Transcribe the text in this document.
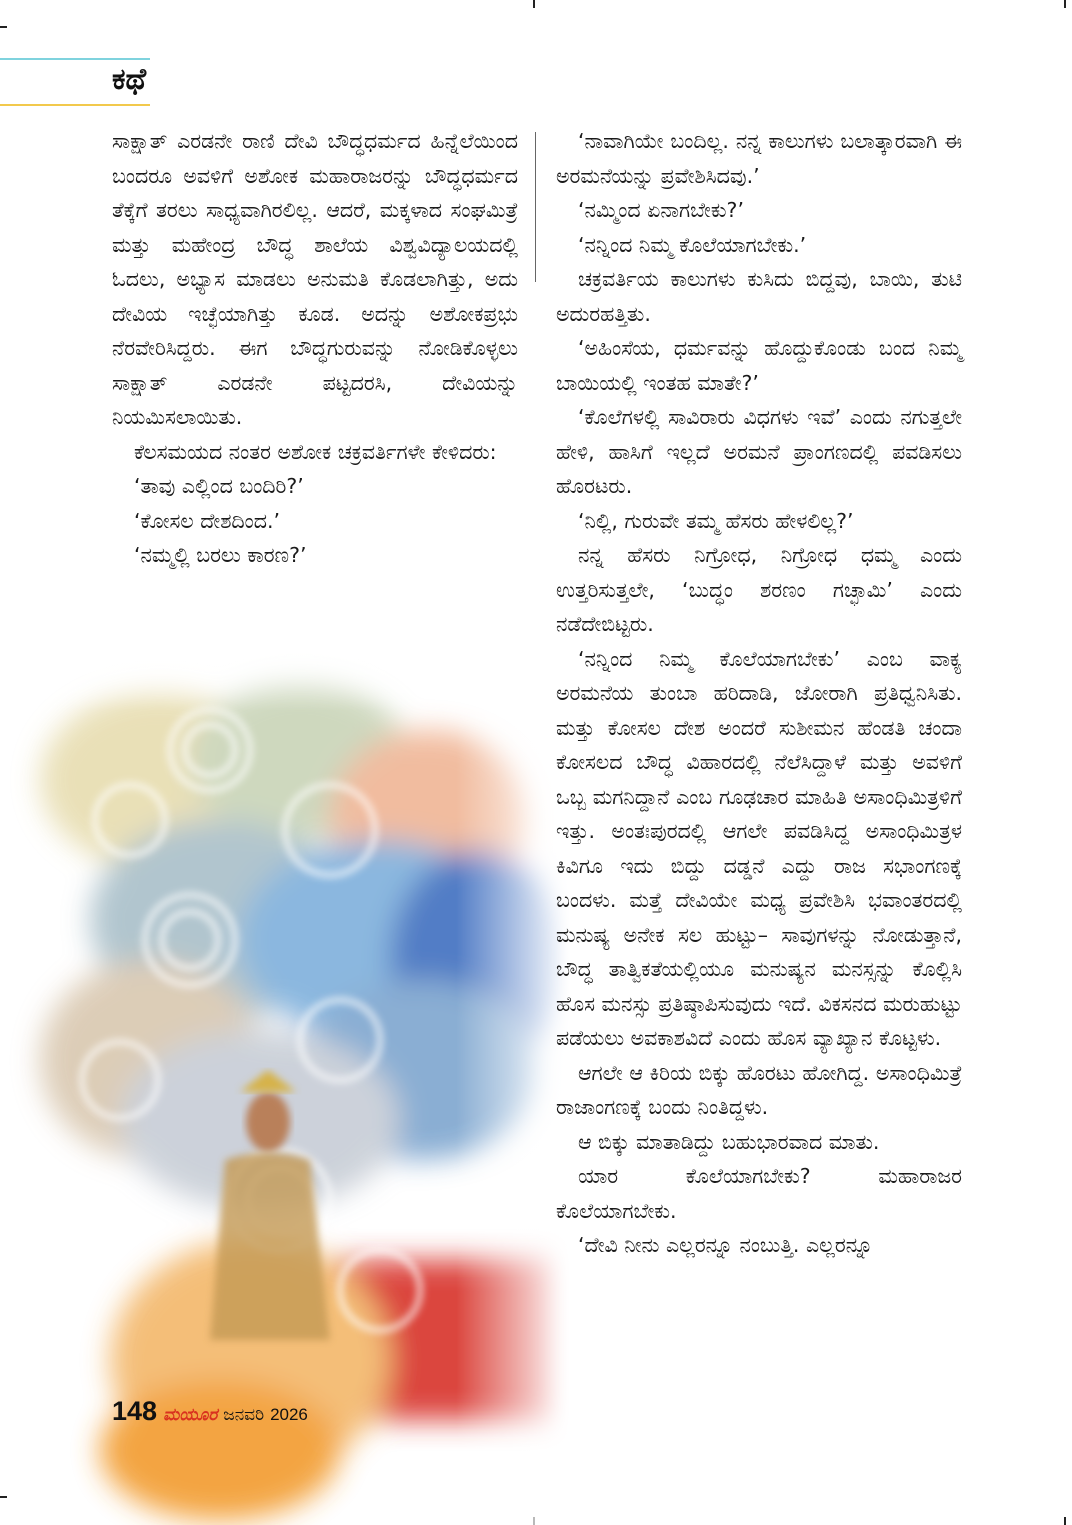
ಕಥೆ

ಸಾಕ್ಷಾತ್ ಎರಡನೇ ರಾಣಿ ದೇವಿ ಬೌದ್ಧಧರ್ಮದ ಹಿನ್ನೆಲೆಯಿಂದ ಬಂದರೂ ಅವಳಿಗೆ ಅಶೋಕ ಮಹಾರಾಜರನ್ನು ಬೌದ್ಧಧರ್ಮದ ತೆಕ್ಕೆಗೆ ತರಲು ಸಾಧ್ಯವಾಗಿರಲಿಲ್ಲ. ಆದರೆ, ಮಕ್ಕಳಾದ ಸಂಘಮಿತ್ರೆ ಮತ್ತು ಮಹೇಂದ್ರ ಬೌದ್ಧ ಶಾಲೆಯ ವಿಶ್ವವಿದ್ಯಾಲಯದಲ್ಲಿ ಓದಲು, ಅಭ್ಯಾಸ ಮಾಡಲು ಅನುಮತಿ ಕೊಡಲಾಗಿತ್ತು, ಅದು ದೇವಿಯ ಇಚ್ಛೆಯಾಗಿತ್ತು ಕೂಡ. ಅದನ್ನು ಅಶೋಕಪ್ರಭು ನೆರವೇರಿಸಿದ್ದರು. ಈಗ ಬೌದ್ಧಗುರುವನ್ನು ನೋಡಿಕೊಳ್ಳಲು ಸಾಕ್ಷಾತ್ ಎರಡನೇ ಪಟ್ಟದರಸಿ, ದೇವಿಯನ್ನು ನಿಯಮಿಸಲಾಯಿತು.

ಕೆಲಸಮಯದ ನಂತರ ಅಶೋಕ ಚಕ್ರವರ್ತಿಗಳೇ ಕೇಳಿದರು:

‘ತಾವು ಎಲ್ಲಿಂದ ಬಂದಿರಿ?’

‘ಕೋಸಲ ದೇಶದಿಂದ.’

‘ನಮ್ಮಲ್ಲಿ ಬರಲು ಕಾರಣ?’

‘ನಾವಾಗಿಯೇ ಬಂದಿಲ್ಲ. ನನ್ನ ಕಾಲುಗಳು ಬಲಾತ್ಕಾರವಾಗಿ ಈ ಅರಮನೆಯನ್ನು ಪ್ರವೇಶಿಸಿದವು.’

‘ನಮ್ಮಿಂದ ಏನಾಗಬೇಕು?’

‘ನನ್ನಿಂದ ನಿಮ್ಮ ಕೊಲೆಯಾಗಬೇಕು.’

ಚಕ್ರವರ್ತಿಯ ಕಾಲುಗಳು ಕುಸಿದು ಬಿದ್ದವು, ಬಾಯಿ, ತುಟಿ ಅದುರಹತ್ತಿತು.

‘ಅಹಿಂಸೆಯ, ಧರ್ಮವನ್ನು ಹೊದ್ದುಕೊಂಡು ಬಂದ ನಿಮ್ಮ ಬಾಯಿಯಲ್ಲಿ ಇಂತಹ ಮಾತೇ?’

‘ಕೊಲೆಗಳಲ್ಲಿ ಸಾವಿರಾರು ವಿಧಗಳು ಇವೆ’ ಎಂದು ನಗುತ್ತಲೇ ಹೇಳಿ, ಹಾಸಿಗೆ ಇಲ್ಲದೆ ಅರಮನೆ ಪ್ರಾಂಗಣದಲ್ಲಿ ಪವಡಿಸಲು ಹೊರಟರು.

‘ನಿಲ್ಲಿ, ಗುರುವೇ ತಮ್ಮ ಹೆಸರು ಹೇಳಲಿಲ್ಲ?’

ನನ್ನ ಹೆಸರು ನಿಗ್ರೋಧ, ನಿಗ್ರೋಧ ಧಮ್ಮ ಎಂದು ಉತ್ತರಿಸುತ್ತಲೇ, ‘ಬುದ್ಧಂ ಶರಣಂ ಗಚ್ಛಾಮಿ’ ಎಂದು ನಡೆದೇಬಿಟ್ಟರು.

‘ನನ್ನಿಂದ ನಿಮ್ಮ ಕೊಲೆಯಾಗಬೇಕು’ ಎಂಬ ವಾಕ್ಯ ಅರಮನೆಯ ತುಂಬಾ ಹರಿದಾಡಿ, ಜೋರಾಗಿ ಪ್ರತಿಧ್ವನಿಸಿತು. ಮತ್ತು ಕೋಸಲ ದೇಶ ಅಂದರೆ ಸುಶೀಮನ ಹೆಂಡತಿ ಚಂದಾ ಕೋಸಲದ ಬೌದ್ಧ ವಿಹಾರದಲ್ಲಿ ನೆಲೆಸಿದ್ದಾಳೆ ಮತ್ತು ಅವಳಿಗೆ ಒಬ್ಬ ಮಗನಿದ್ದಾನೆ ಎಂಬ ಗೂಢಚಾರ ಮಾಹಿತಿ ಅಸಾಂಧಿಮಿತ್ರಳಿಗೆ ಇತ್ತು. ಅಂತಃಪುರದಲ್ಲಿ ಆಗಲೇ ಪವಡಿಸಿದ್ದ ಅಸಾಂಧಿಮಿತ್ರಳ ಕಿವಿಗೂ ಇದು ಬಿದ್ದು ದಡ್ಡನೆ ಎದ್ದು ರಾಜ ಸಭಾಂಗಣಕ್ಕೆ ಬಂದಳು. ಮತ್ತೆ ದೇವಿಯೇ ಮಧ್ಯ ಪ್ರವೇಶಿಸಿ ಭವಾಂತರದಲ್ಲಿ ಮನುಷ್ಯ ಅನೇಕ ಸಲ ಹುಟ್ಟು– ಸಾವುಗಳನ್ನು ನೋಡುತ್ತಾನೆ, ಬೌದ್ಧ ತಾತ್ವಿಕತೆಯಲ್ಲಿಯೂ ಮನುಷ್ಯನ ಮನಸ್ಸನ್ನು ಕೊಲ್ಲಿಸಿ ಹೊಸ ಮನಸ್ಸು ಪ್ರತಿಷ್ಠಾಪಿಸುವುದು ಇದೆ. ವಿಕಸನದ ಮರುಹುಟ್ಟು ಪಡೆಯಲು ಅವಕಾಶವಿದೆ ಎಂದು ಹೊಸ ವ್ಯಾಖ್ಯಾನ ಕೊಟ್ಟಳು.

ಆಗಲೇ ಆ ಕಿರಿಯ ಬಿಕ್ಕು ಹೊರಟು ಹೋಗಿದ್ದ. ಅಸಾಂಧಿಮಿತ್ರೆ ರಾಜಾಂಗಣಕ್ಕೆ ಬಂದು ನಿಂತಿದ್ದಳು.

ಆ ಬಿಕ್ಕು ಮಾತಾಡಿದ್ದು ಬಹುಭಾರವಾದ ಮಾತು.

ಯಾರ ಕೊಲೆಯಾಗಬೇಕು? ಮಹಾರಾಜರ ಕೊಲೆಯಾಗಬೇಕು.

‘ದೇವಿ ನೀನು ಎಲ್ಲರನ್ನೂ ನಂಬುತ್ತಿ. ಎಲ್ಲರನ್ನೂ

148 ಮಯೂರ ಜನವರಿ 2026
